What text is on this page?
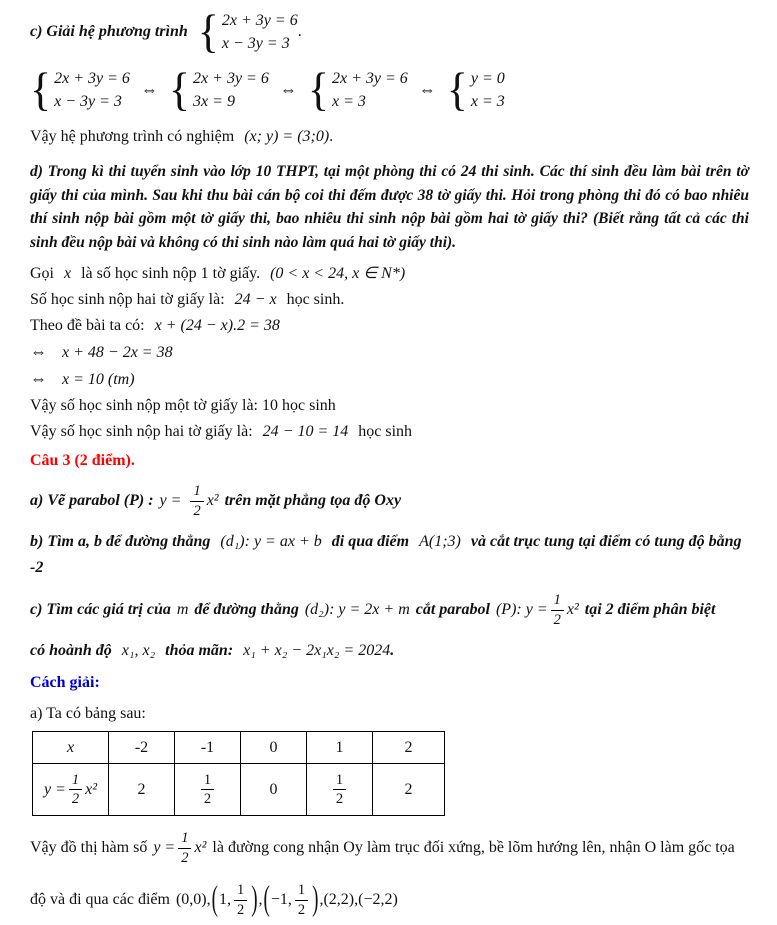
c) Giải hệ phương trình { 2x + 3y = 6
x − 3y = 3
.
{ 2x + 3y = 6
x − 3y = 3
⇔ { 2x + 3y = 6
3x = 9
⇔ { 2x + 3y = 6
x = 3
⇔ { y = 0
x = 3
Vậy hệ phương trình có nghiệm (x; y) = (3;0).
d) Trong kì thi tuyển sinh vào lớp 10 THPT, tại một phòng thi có 24 thi sinh. Các thí sinh đều làm bài trên tờ giấy thi của mình. Sau khi thu bài cán bộ coi thi đếm được 38 tờ giấy thi. Hỏi trong phòng thi đó có bao nhiêu thí sinh nộp bài gồm một tờ giấy thi, bao nhiêu thi sinh nộp bài gồm hai tờ giấy thi? (Biết rằng tất cả các thi sinh đều nộp bài và không có thi sinh nào làm quá hai tờ giấy thi).
Gọi x là số học sinh nộp 1 tờ giấy. (0 < x < 24, x ∈ N*)
Số học sinh nộp hai tờ giấy là: 24 − x học sinh.
Theo đề bài ta có: x + (24 − x).2 = 38
⇔ x + 48 − 2x = 38
⇔ x = 10 (tm)
Vậy số học sinh nộp một tờ giấy là: 10 học sinh
Vậy số học sinh nộp hai tờ giấy là: 24 − 10 = 14 học sinh
Câu 3 (2 điểm).
a) Vẽ parabol (P) : $y = \frac{1}{2} x^2$ trên mặt phẳng tọa độ Oxy
b) Tìm a, b để đường thẳng (d₁): y = ax + b đi qua điểm A(1;3) và cắt trục tung tại điểm có tung độ bằng
-2
c) Tìm các giá trị của m để đường thằng (d₂): y = 2x + m cắt parabol (P): $y = \frac{1}{2} x^2$ tại 2 điểm phân biệt
có hoành độ x₁, x₂ thỏa mãn: x₁ + x₂ − 2x₁x₂ = 2024.
Cách giải:
a) Ta có bảng sau:
x	-2	-1	0	1	2

$y = \frac{1}{2} x^2$	2	$\frac{1}{2}$	0	$\frac{1}{2}$	2
Vậy đồ thị hàm số $y = \frac{1}{2} x^2$ là đường cong nhận Oy làm trục đối xứng, bề lõm hướng lên, nhận O làm gốc tọa
độ và đi qua các điểm (0,0), ( 1, $\frac{1}{2}$ ) , ( −1, $\frac{1}{2}$ ) , (2,2),(−2,2)
